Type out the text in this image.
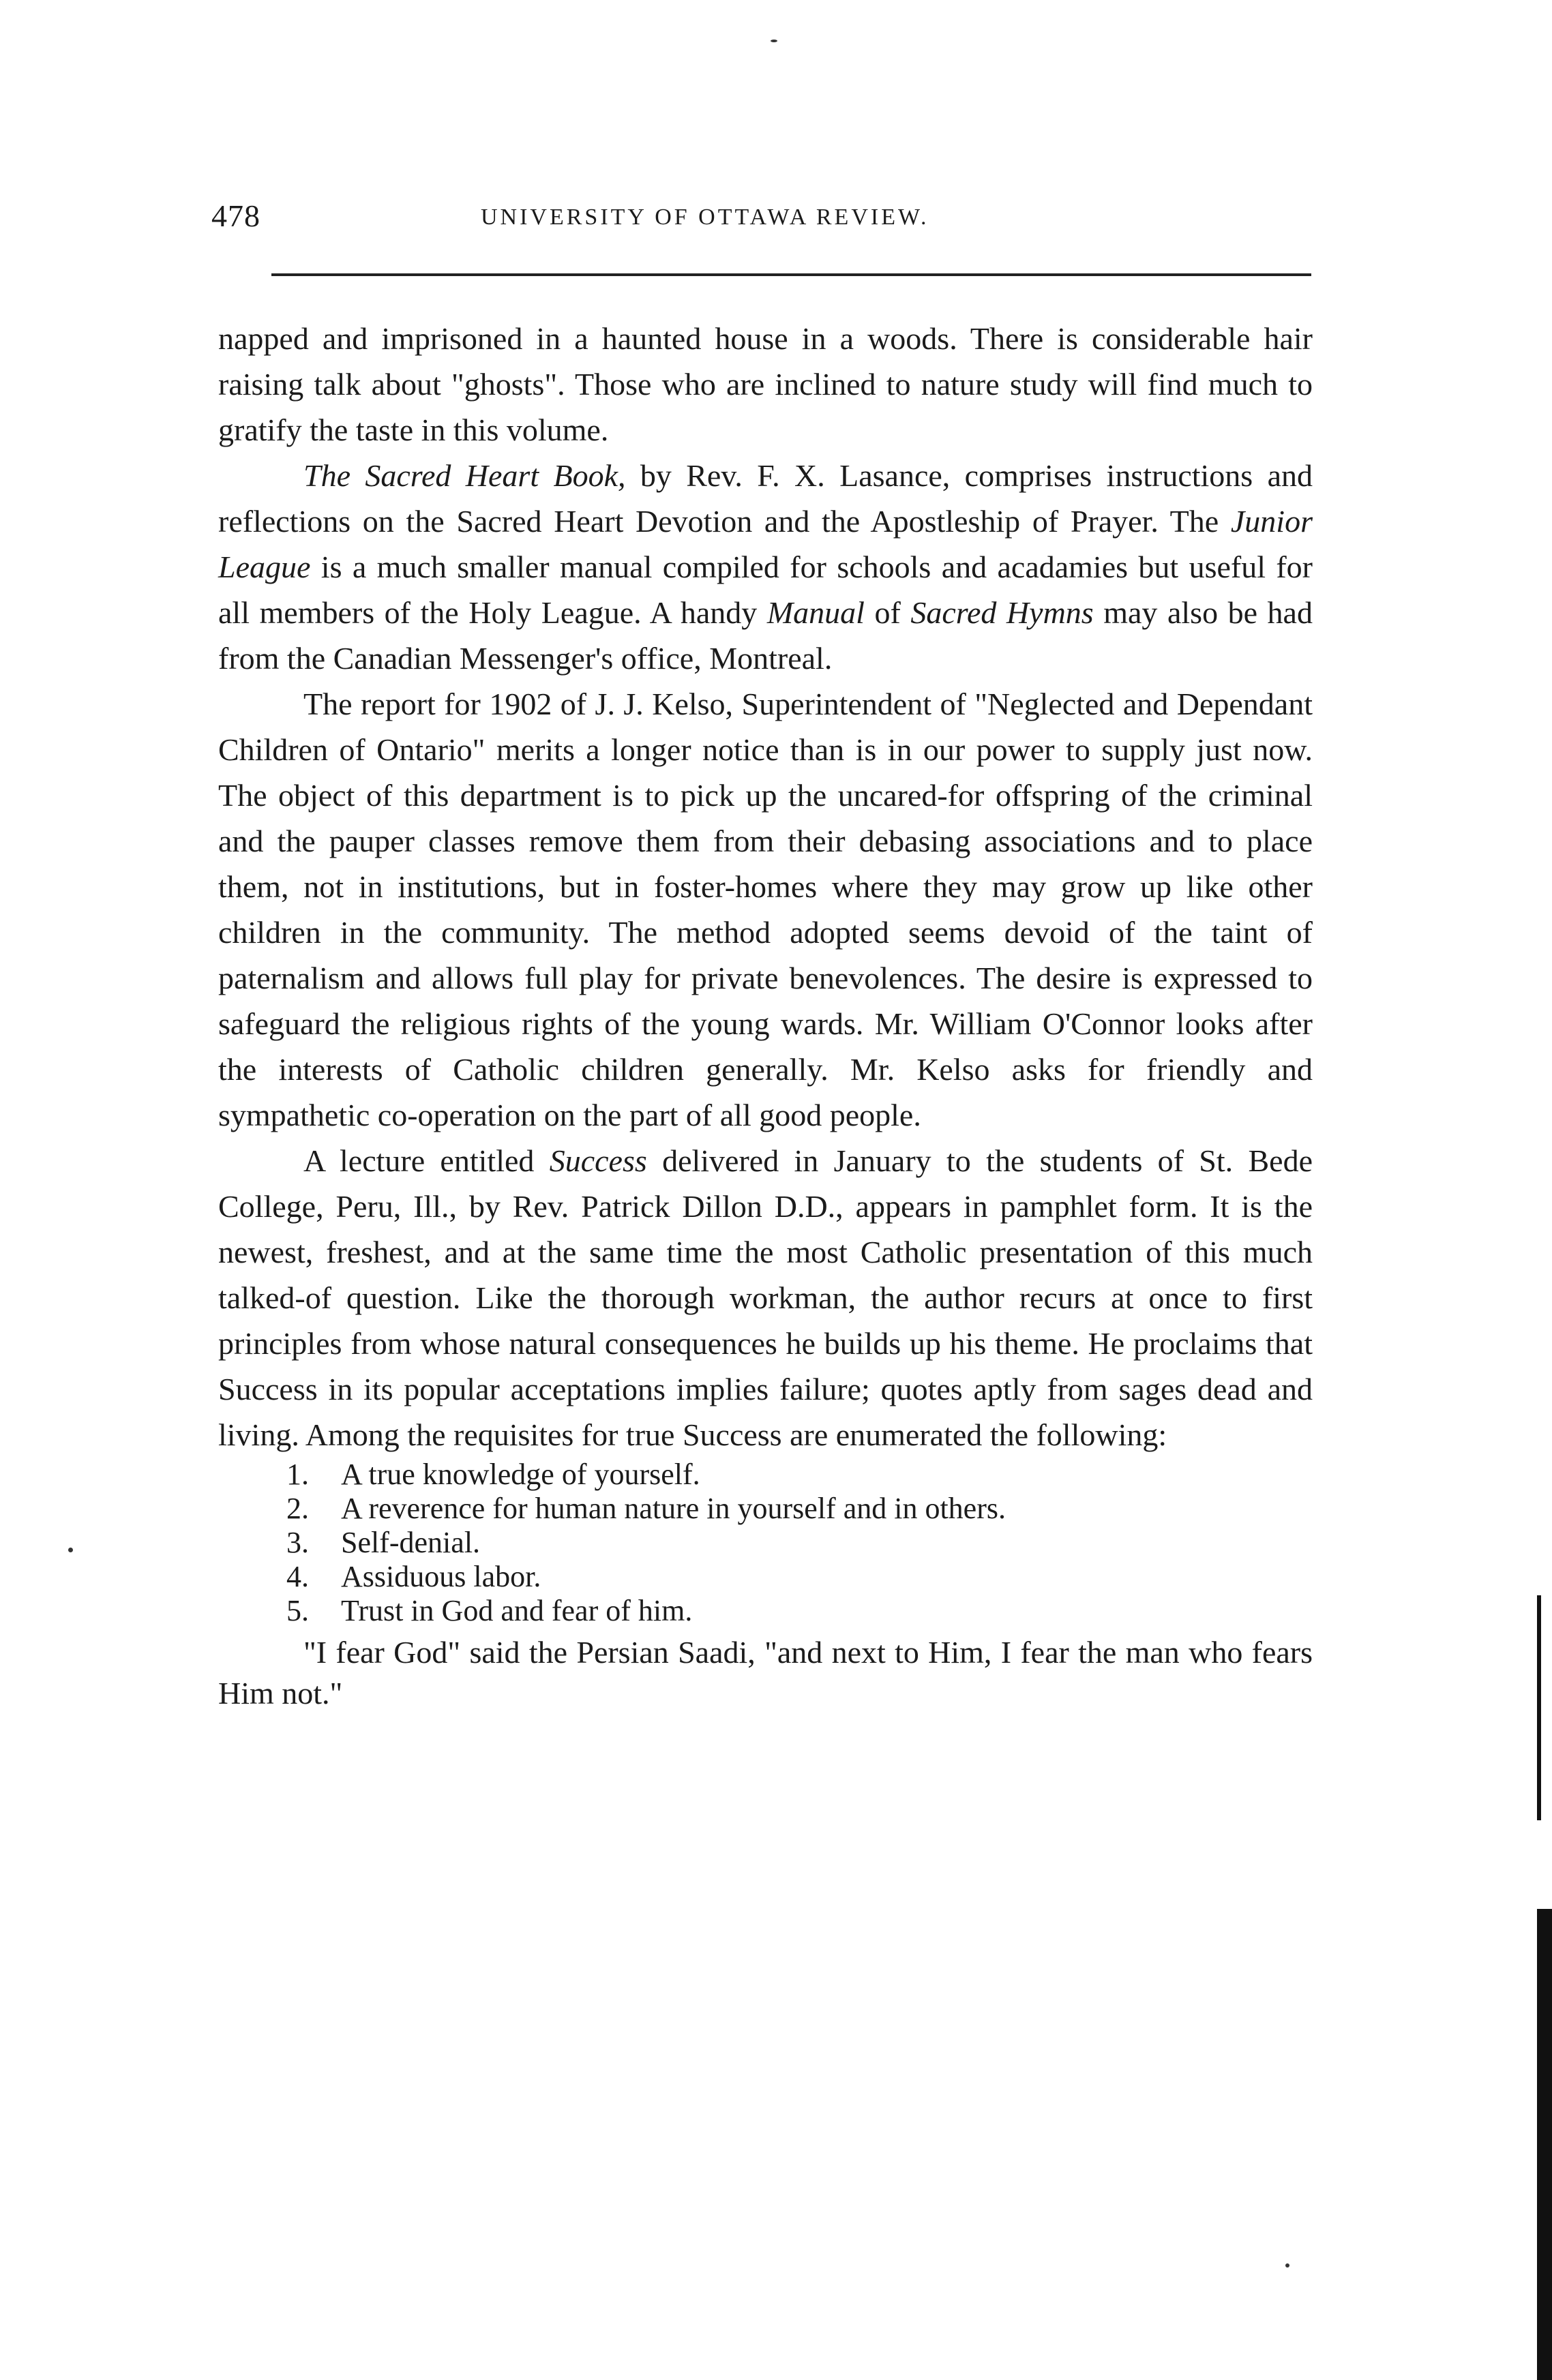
478	UNIVERSITY OF OTTAWA REVIEW.

napped and imprisoned in a haunted house in a woods. There is considerable hair raising talk about "ghosts". Those who are inclined to nature study will find much to gratify the taste in this volume.

The Sacred Heart Book, by Rev. F. X. Lasance, comprises instructions and reflections on the Sacred Heart Devotion and the Apostleship of Prayer. The Junior League is a much smaller manual compiled for schools and acadamies but useful for all members of the Holy League. A handy Manual of Sacred Hymns may also be had from the Canadian Messenger's office, Montreal.

The report for 1902 of J. J. Kelso, Superintendent of "Neglected and Dependant Children of Ontario" merits a longer notice than is in our power to supply just now. The object of this department is to pick up the uncared-for offspring of the criminal and the pauper classes remove them from their debasing associations and to place them, not in institutions, but in foster-homes where they may grow up like other children in the community. The method adopted seems devoid of the taint of paternalism and allows full play for private benevolences. The desire is expressed to safeguard the religious rights of the young wards. Mr. William O'Connor looks after the interests of Catholic children generally. Mr. Kelso asks for friendly and sympathetic co-operation on the part of all good people.

A lecture entitled Success delivered in January to the students of St. Bede College, Peru, Ill., by Rev. Patrick Dillon D.D., appears in pamphlet form. It is the newest, freshest, and at the same time the most Catholic presentation of this much talked-of question. Like the thorough workman, the author recurs at once to first principles from whose natural consequences he builds up his theme. He proclaims that Success in its popular acceptations implies failure; quotes aptly from sages dead and living. Among the requisites for true Success are enumerated the following:

1.	A true knowledge of yourself.
2.	A reverence for human nature in yourself and in others.
3.	Self-denial.
4.	Assiduous labor.
5.	Trust in God and fear of him.

"I fear God" said the Persian Saadi, "and next to Him, I fear the man who fears Him not."
